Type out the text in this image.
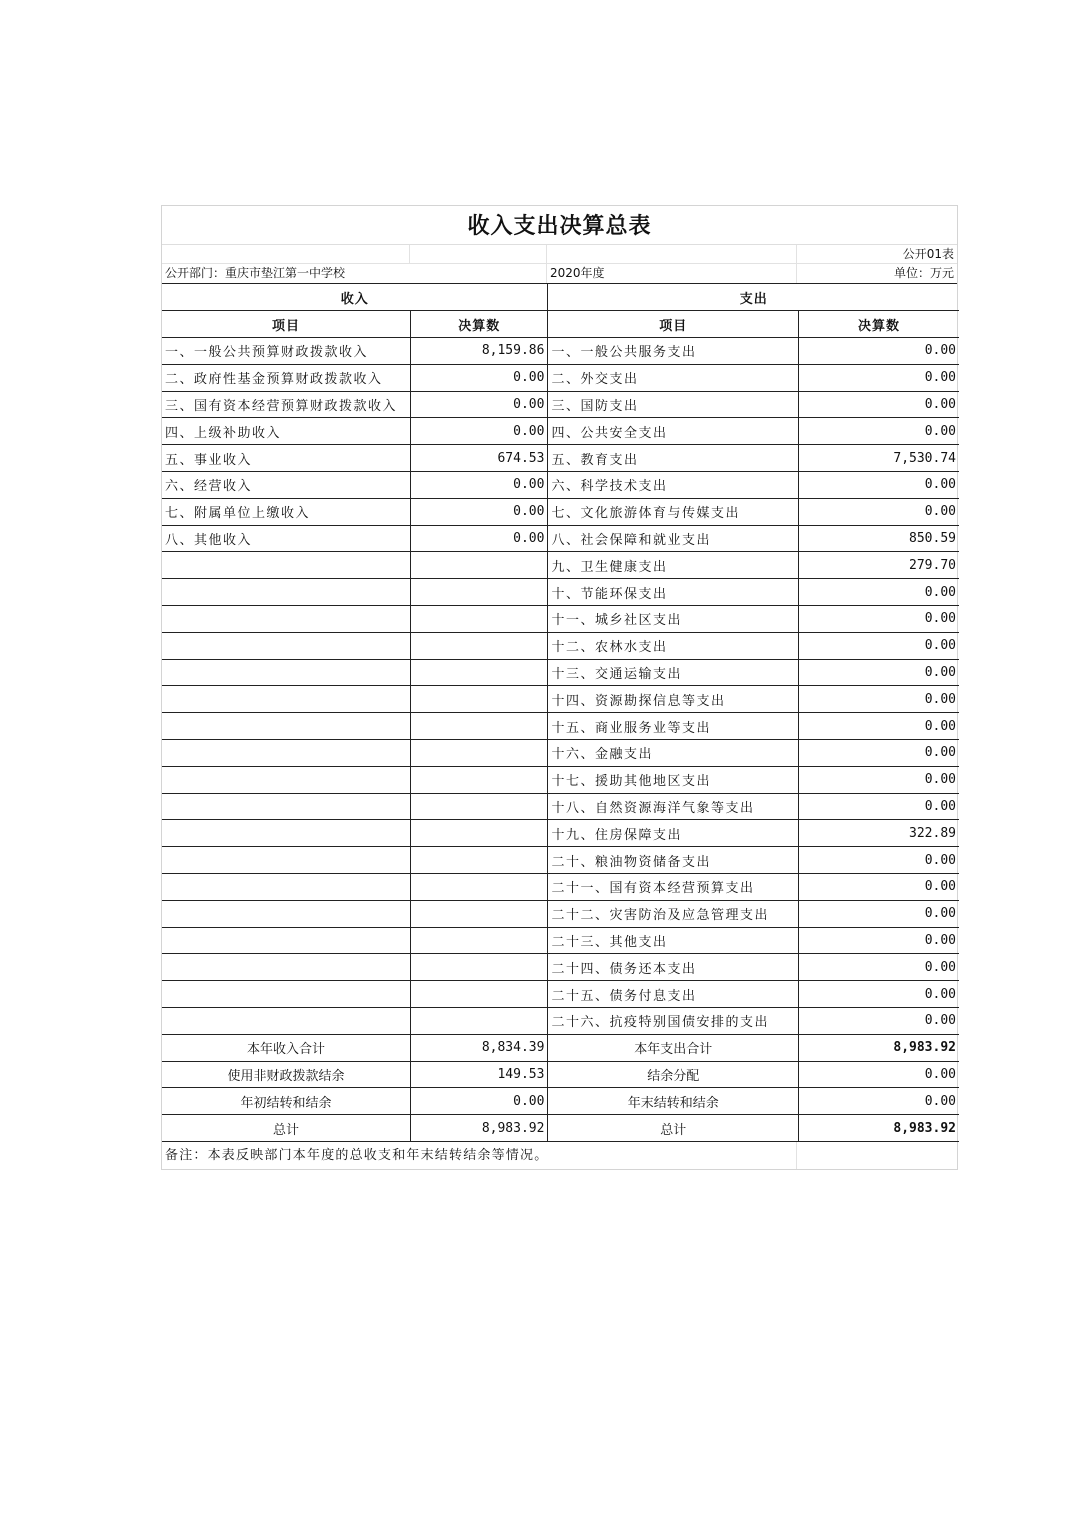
收入支出决算总表
公开01表
公开部门：重庆市垫江第一中学校	2020年度	单位：万元
收入		支出	
项目	决算数	项目	决算数
一、一般公共预算财政拨款收入	8,159.86	一、一般公共服务支出	0.00
二、政府性基金预算财政拨款收入	0.00	二、外交支出	0.00
三、国有资本经营预算财政拨款收入	0.00	三、国防支出	0.00
四、上级补助收入	0.00	四、公共安全支出	0.00
五、事业收入	674.53	五、教育支出	7,530.74
六、经营收入	0.00	六、科学技术支出	0.00
七、附属单位上缴收入	0.00	七、文化旅游体育与传媒支出	0.00
八、其他收入	0.00	八、社会保障和就业支出	850.59
		九、卫生健康支出	279.70
		十、节能环保支出	0.00
		十一、城乡社区支出	0.00
		十二、农林水支出	0.00
		十三、交通运输支出	0.00
		十四、资源勘探信息等支出	0.00
		十五、商业服务业等支出	0.00
		十六、金融支出	0.00
		十七、援助其他地区支出	0.00
		十八、自然资源海洋气象等支出	0.00
		十九、住房保障支出	322.89
		二十、粮油物资储备支出	0.00
		二十一、国有资本经营预算支出	0.00
		二十二、灾害防治及应急管理支出	0.00
		二十三、其他支出	0.00
		二十四、债务还本支出	0.00
		二十五、债务付息支出	0.00
		二十六、抗疫特别国债安排的支出	0.00
本年收入合计	8,834.39	本年支出合计	8,983.92
使用非财政拨款结余	149.53	结余分配	0.00
年初结转和结余	0.00	年末结转和结余	0.00
总计	8,983.92	总计	8,983.92
备注：本表反映部门本年度的总收支和年末结转结余等情况。
